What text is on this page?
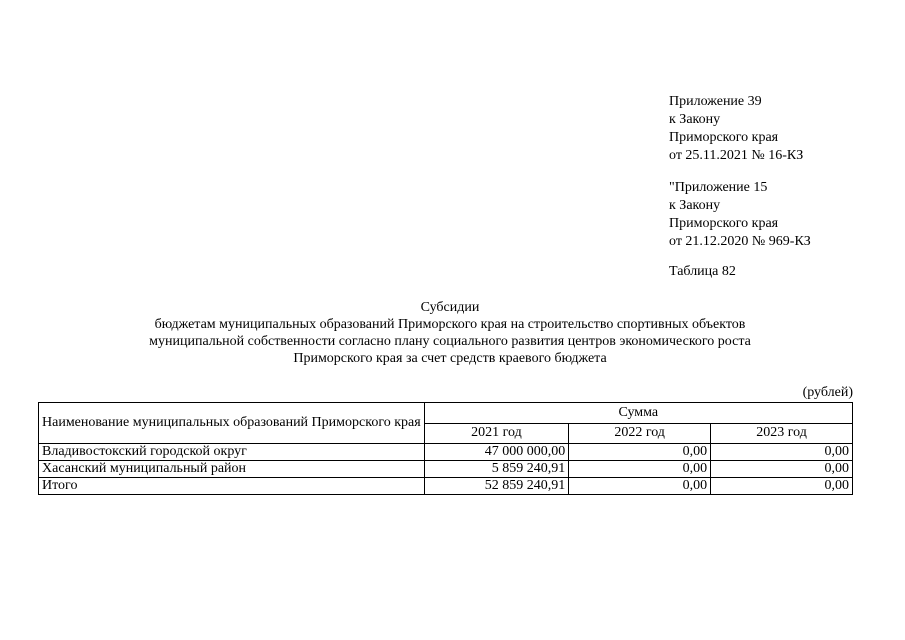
Приложение 39
к Закону
Приморского края
от 25.11.2021 № 16-КЗ
"Приложение 15
к Закону
Приморского края
от 21.12.2020 № 969-КЗ
Таблица 82
Субсидии
бюджетам муниципальных образований Приморского края на строительство спортивных объектов
муниципальной собственности согласно плану социального развития центров экономического роста
Приморского края за счет средств краевого бюджета
(рублей)
Наименование муниципальных образований Приморского края	Сумма		
	2021 год	2022 год	2023 год
Владивостокский городской округ	47 000 000,00	0,00	0,00
Хасанский муниципальный район	5 859 240,91	0,00	0,00
Итого	52 859 240,91	0,00	0,00
